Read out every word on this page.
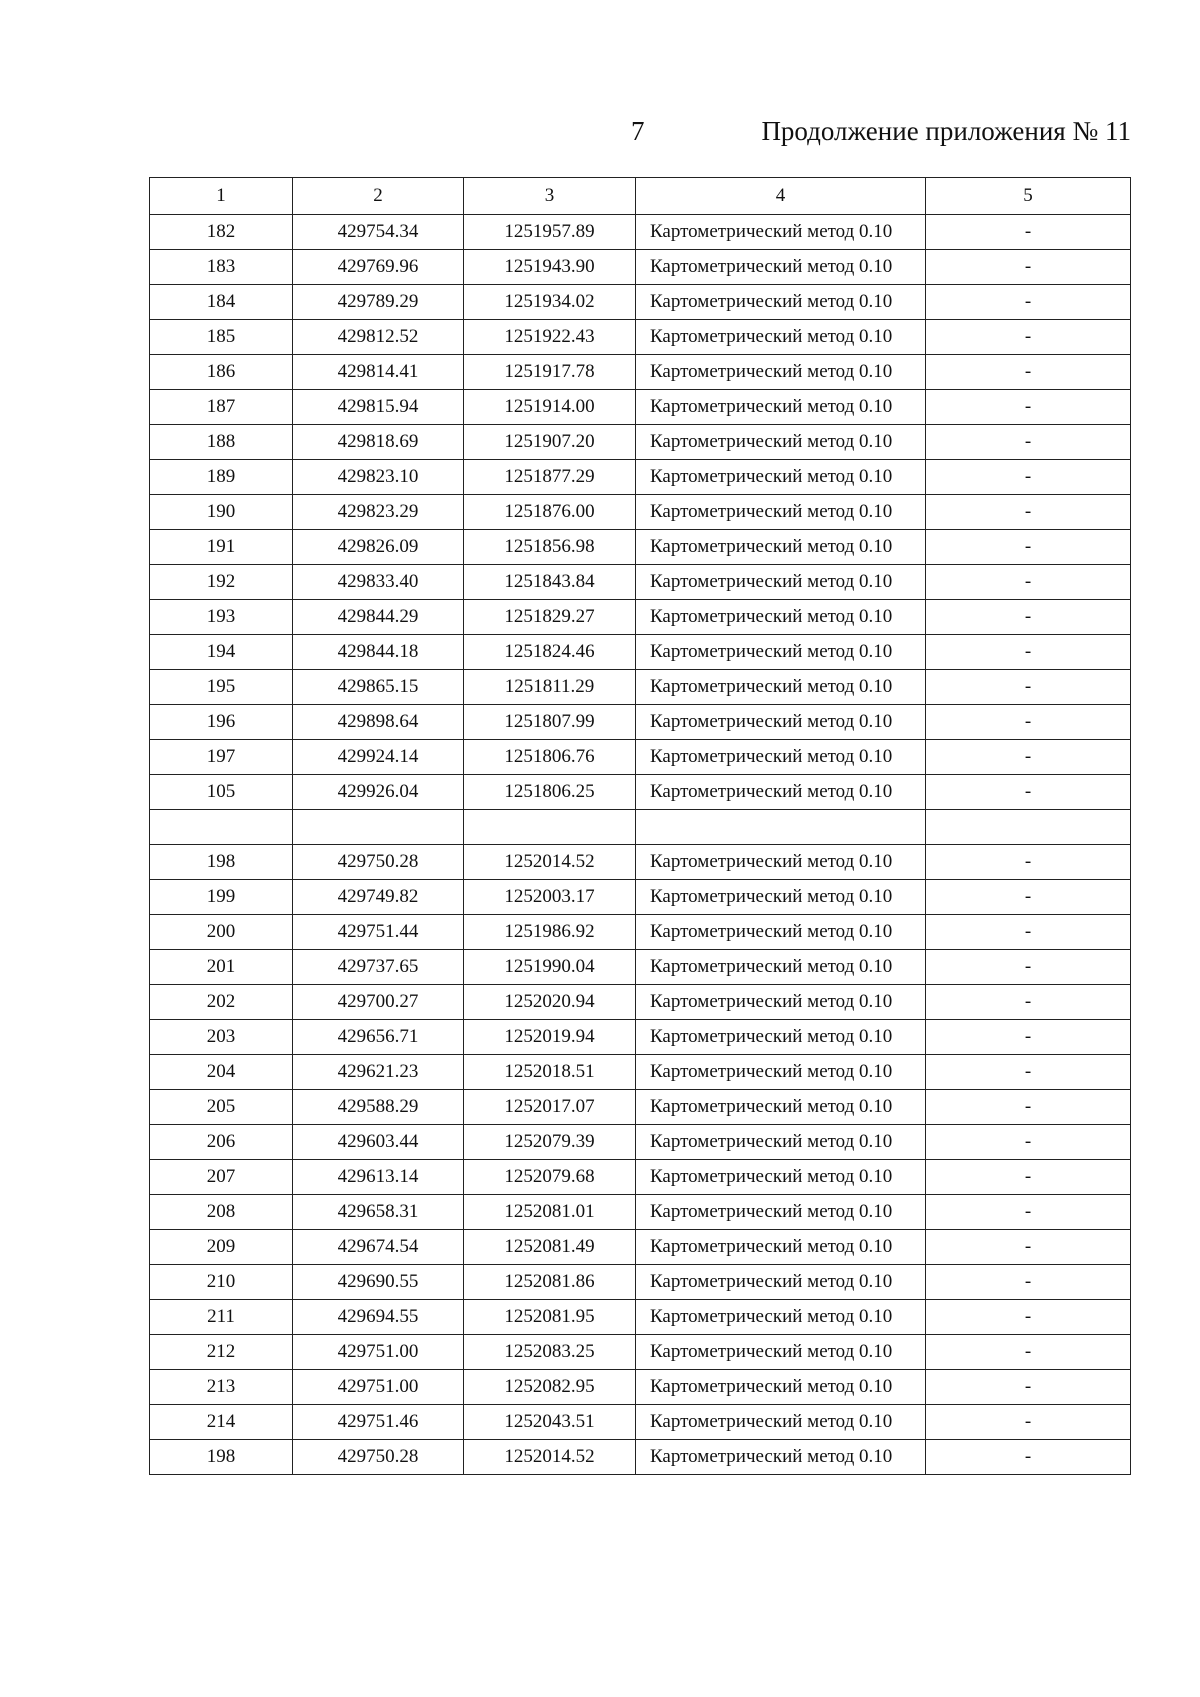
7	Продолжение приложения № 11
1	2	3	4	5
182	429754.34	1251957.89	Картометрический метод 0.10	-
183	429769.96	1251943.90	Картометрический метод 0.10	-
184	429789.29	1251934.02	Картометрический метод 0.10	-
185	429812.52	1251922.43	Картометрический метод 0.10	-
186	429814.41	1251917.78	Картометрический метод 0.10	-
187	429815.94	1251914.00	Картометрический метод 0.10	-
188	429818.69	1251907.20	Картометрический метод 0.10	-
189	429823.10	1251877.29	Картометрический метод 0.10	-
190	429823.29	1251876.00	Картометрический метод 0.10	-
191	429826.09	1251856.98	Картометрический метод 0.10	-
192	429833.40	1251843.84	Картометрический метод 0.10	-
193	429844.29	1251829.27	Картометрический метод 0.10	-
194	429844.18	1251824.46	Картометрический метод 0.10	-
195	429865.15	1251811.29	Картометрический метод 0.10	-
196	429898.64	1251807.99	Картометрический метод 0.10	-
197	429924.14	1251806.76	Картометрический метод 0.10	-
105	429926.04	1251806.25	Картометрический метод 0.10	-

198	429750.28	1252014.52	Картометрический метод 0.10	-
199	429749.82	1252003.17	Картометрический метод 0.10	-
200	429751.44	1251986.92	Картометрический метод 0.10	-
201	429737.65	1251990.04	Картометрический метод 0.10	-
202	429700.27	1252020.94	Картометрический метод 0.10	-
203	429656.71	1252019.94	Картометрический метод 0.10	-
204	429621.23	1252018.51	Картометрический метод 0.10	-
205	429588.29	1252017.07	Картометрический метод 0.10	-
206	429603.44	1252079.39	Картометрический метод 0.10	-
207	429613.14	1252079.68	Картометрический метод 0.10	-
208	429658.31	1252081.01	Картометрический метод 0.10	-
209	429674.54	1252081.49	Картометрический метод 0.10	-
210	429690.55	1252081.86	Картометрический метод 0.10	-
211	429694.55	1252081.95	Картометрический метод 0.10	-
212	429751.00	1252083.25	Картометрический метод 0.10	-
213	429751.00	1252082.95	Картометрический метод 0.10	-
214	429751.46	1252043.51	Картометрический метод 0.10	-
198	429750.28	1252014.52	Картометрический метод 0.10	-
